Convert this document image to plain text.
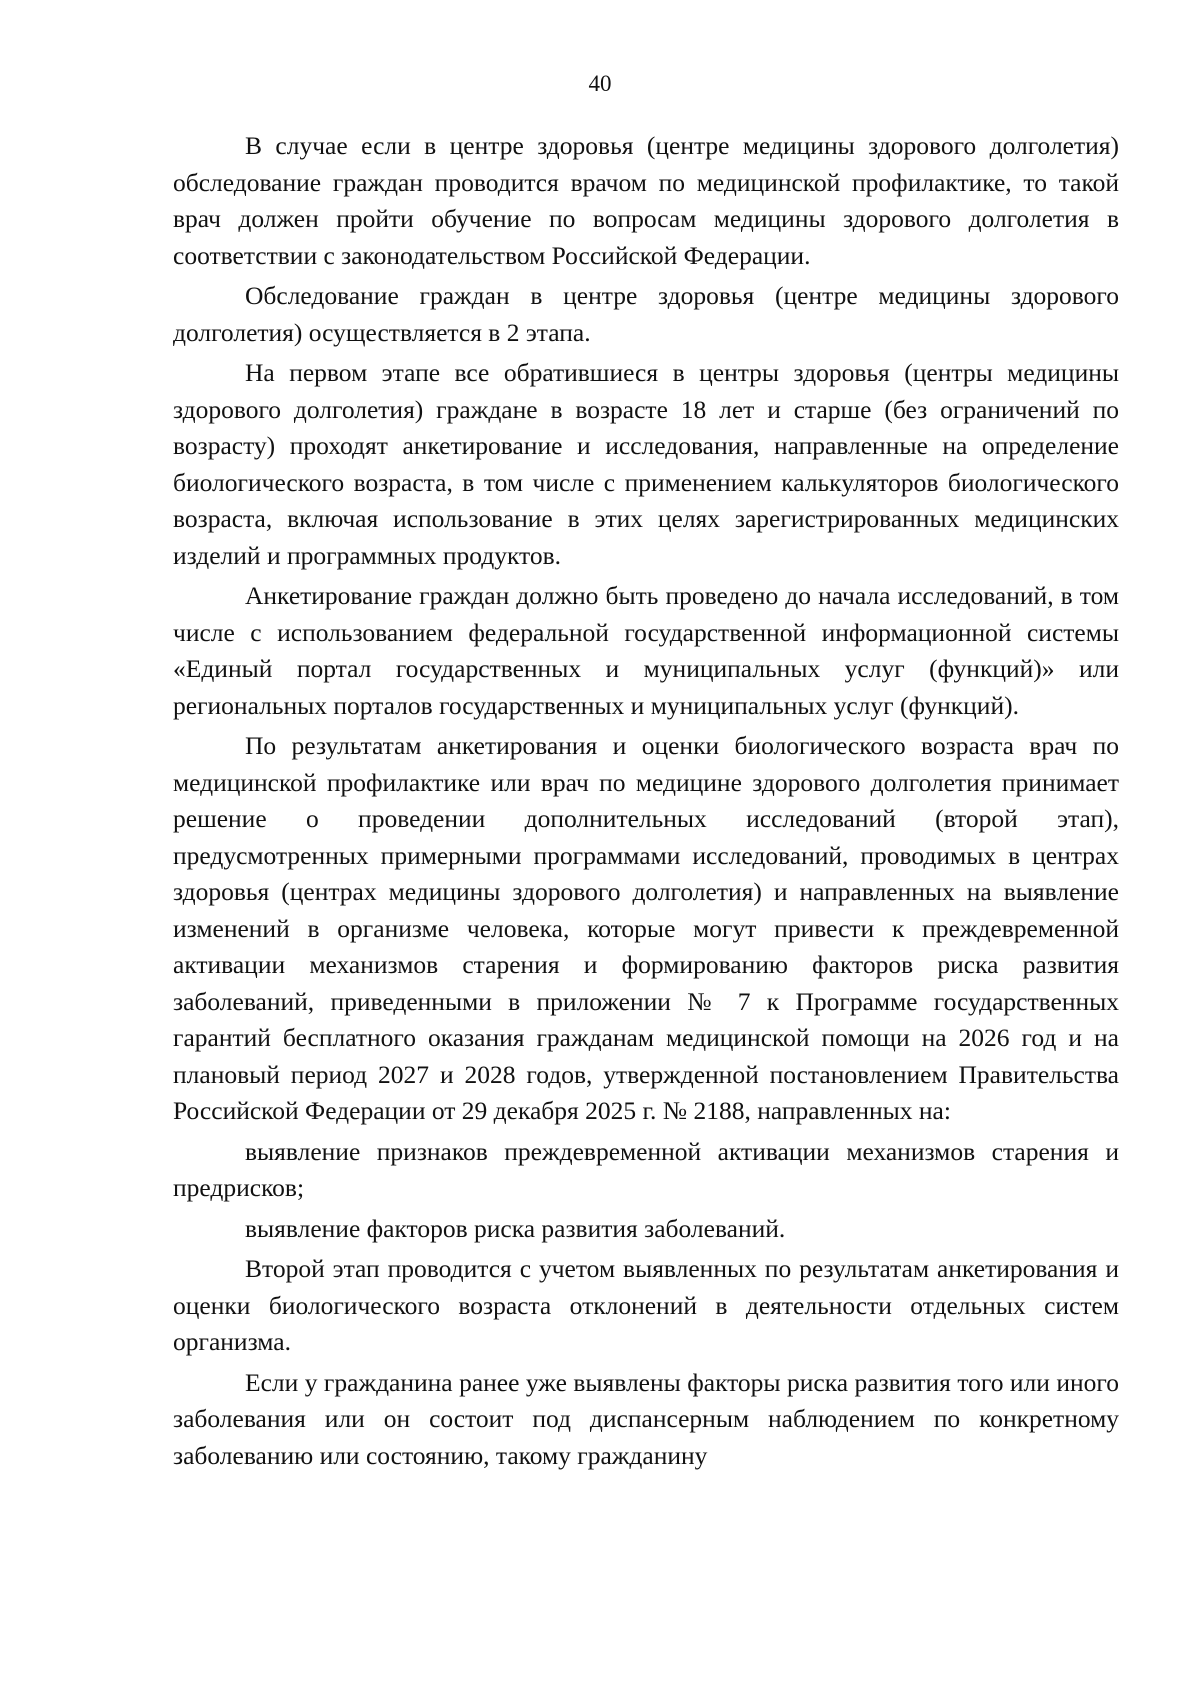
40

В случае если в центре здоровья (центре медицины здорового долголетия) обследование граждан проводится врачом по медицинской профилактике, то такой врач должен пройти обучение по вопросам медицины здорового долголетия в соответствии с законодательством Российской Федерации.

Обследование граждан в центре здоровья (центре медицины здорового долголетия) осуществляется в 2 этапа.

На первом этапе все обратившиеся в центры здоровья (центры медицины здорового долголетия) граждане в возрасте 18 лет и старше (без ограничений по возрасту) проходят анкетирование и исследования, направленные на определение биологического возраста, в том числе с применением калькуляторов биологического возраста, включая использование в этих целях зарегистрированных медицинских изделий и программных продуктов.

Анкетирование граждан должно быть проведено до начала исследований, в том числе с использованием федеральной государственной информационной системы «Единый портал государственных и муниципальных услуг (функций)» или региональных порталов государственных и муниципальных услуг (функций).

По результатам анкетирования и оценки биологического возраста врач по медицинской профилактике или врач по медицине здорового долголетия принимает решение о проведении дополнительных исследований (второй этап), предусмотренных примерными программами исследований, проводимых в центрах здоровья (центрах медицины здорового долголетия) и направленных на выявление изменений в организме человека, которые могут привести к преждевременной активации механизмов старения и формированию факторов риска развития заболеваний, приведенными в приложении № 7 к Программе государственных гарантий бесплатного оказания гражданам медицинской помощи на 2026 год и на плановый период 2027 и 2028 годов, утвержденной постановлением Правительства Российской Федерации от 29 декабря 2025 г. № 2188, направленных на:

выявление признаков преждевременной активации механизмов старения и предрисков;

выявление факторов риска развития заболеваний.

Второй этап проводится с учетом выявленных по результатам анкетирования и оценки биологического возраста отклонений в деятельности отдельных систем организма.

Если у гражданина ранее уже выявлены факторы риска развития того или иного заболевания или он состоит под диспансерным наблюдением по конкретному заболеванию или состоянию, такому гражданину
